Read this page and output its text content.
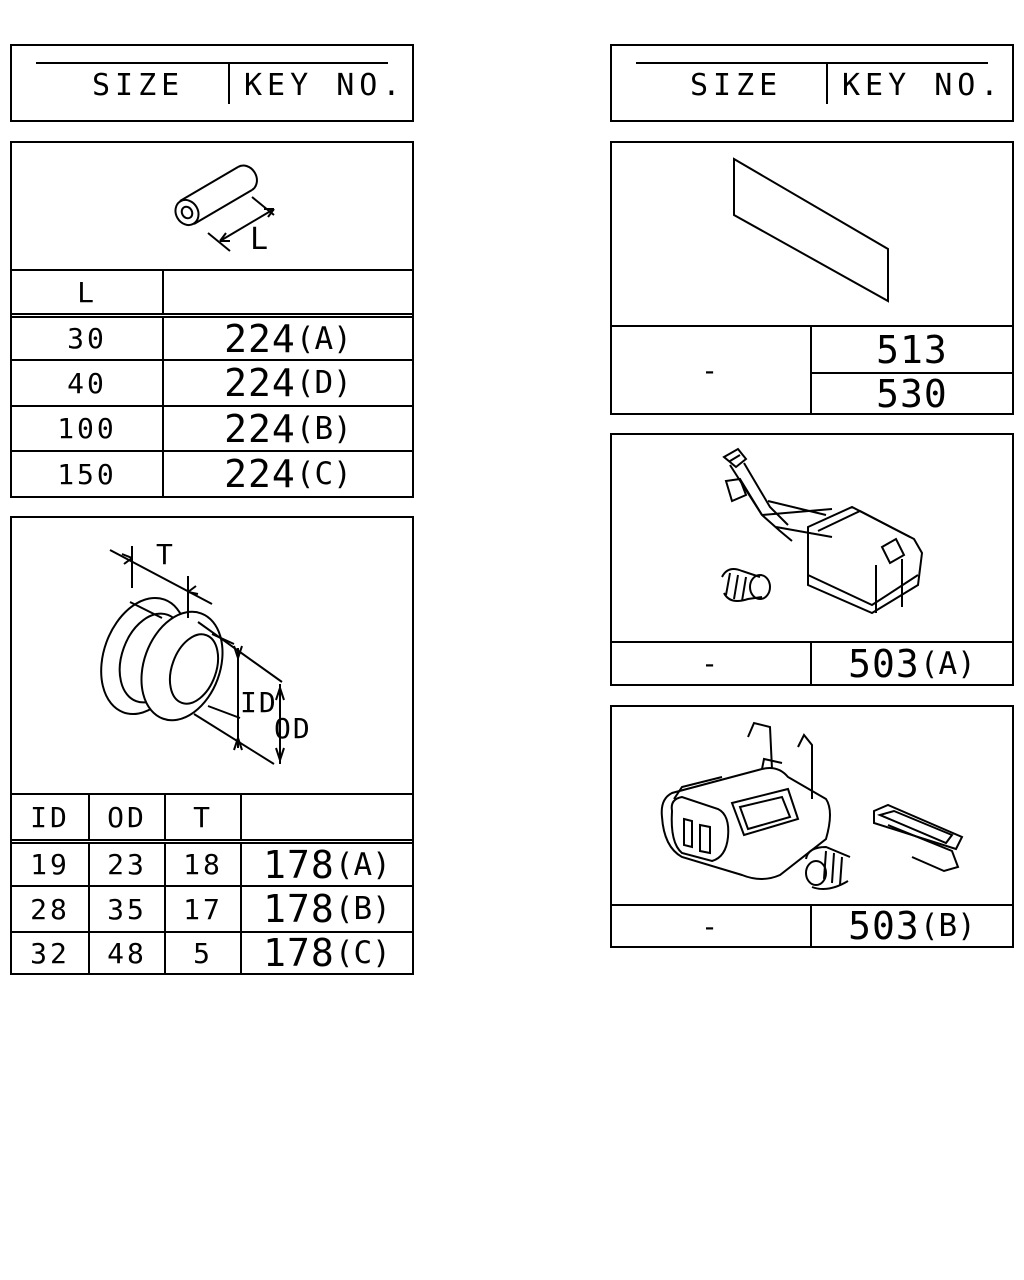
SIZE KEY NO.	SIZE KEY NO.
L
L
30	224 (A)
40	224 (D)
100	224 (B)
150	224 (C)
T
ID
OD
ID	OD	T
19	23	18	178 (A)
28	35	17	178 (B)
32	48	5	178 (C)
-	513
530
-	503 (A)
-	503 (B)
